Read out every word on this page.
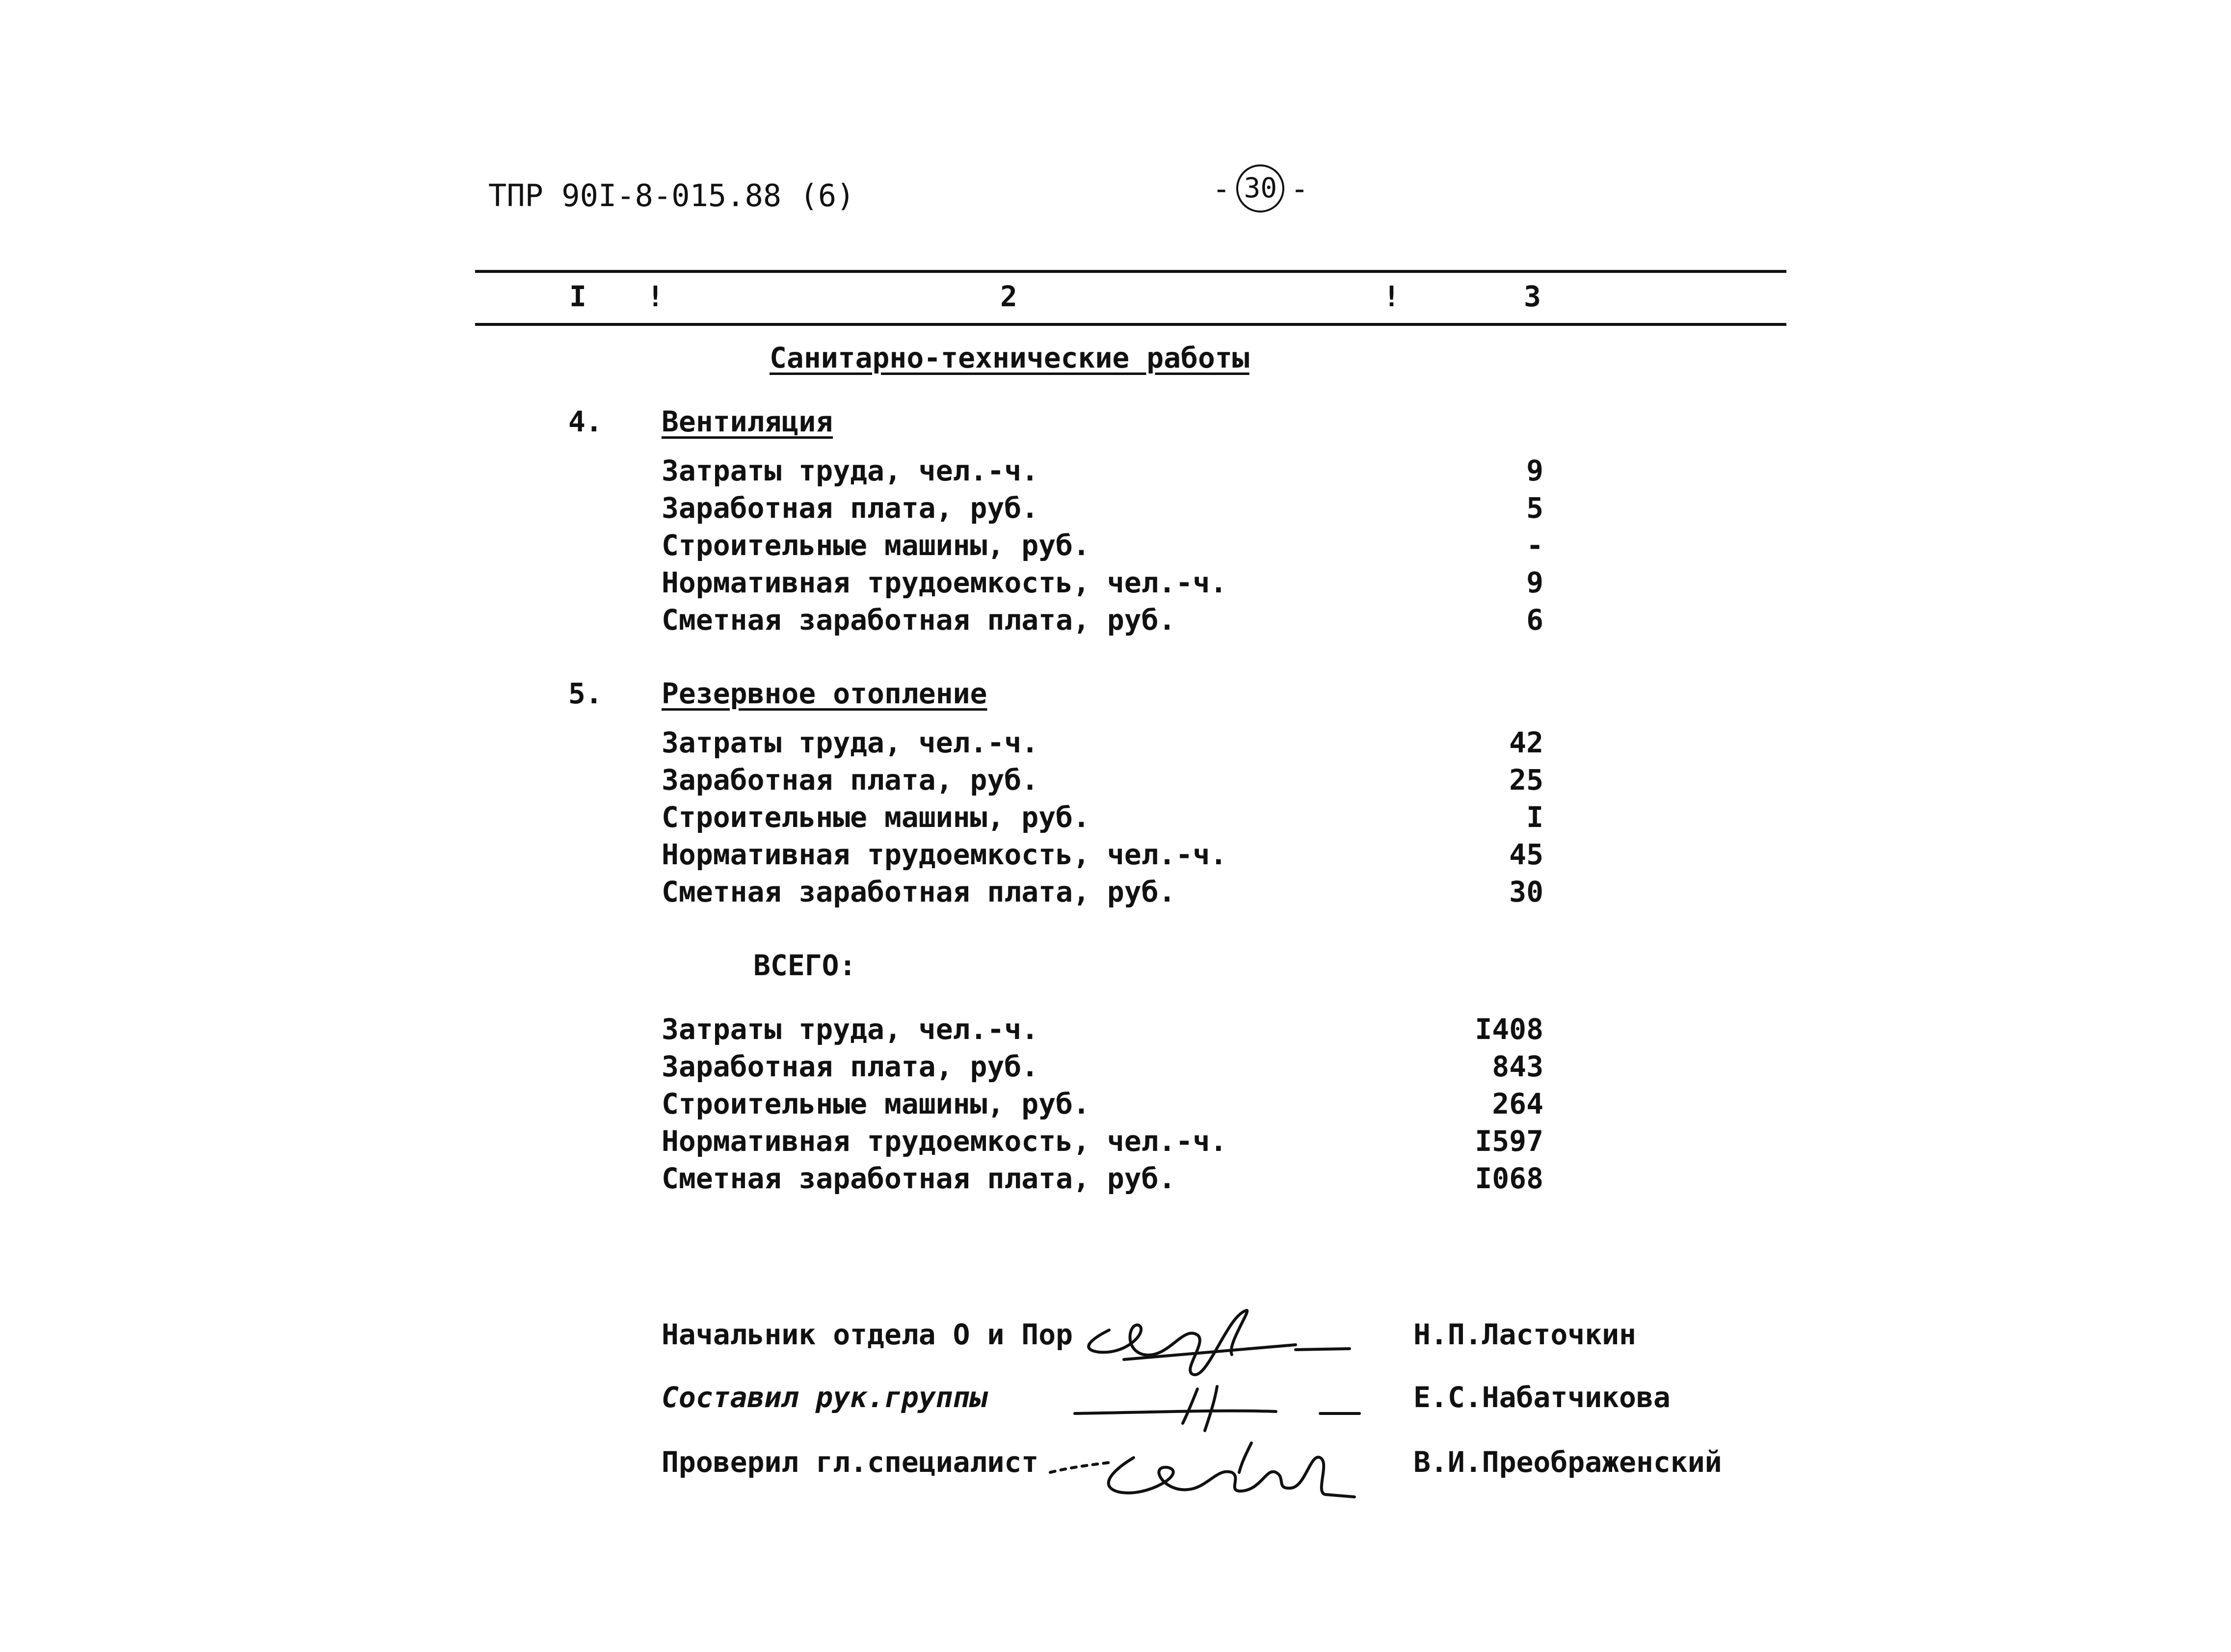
ТПР 90I-8-015.88 (6)	- 30 -
I !	2	!	3
Санитарно-технические работы
4. Вентиляция
Затраты труда, чел.-ч.	9
Заработная плата, руб.	5
Строительные машины, руб.	-
Нормативная трудоемкость, чел.-ч.	9
Сметная заработная плата, руб.	6
5. Резервное отопление
Затраты труда, чел.-ч.	42
Заработная плата, руб.	25
Строительные машины, руб.	I
Нормативная трудоемкость, чел.-ч.	45
Сметная заработная плата, руб.	30
ВСЕГО:
Затраты труда, чел.-ч.	I408
Заработная плата, руб.	843
Строительные машины, руб.	264
Нормативная трудоемкость, чел.-ч.	I597
Сметная заработная плата, руб.	I068
Начальник отдела О и Пор	Н.П.Ласточкин
Составил рук.группы	Е.С.Набатчикова
Проверил гл.специалист	В.И.Преображенский
